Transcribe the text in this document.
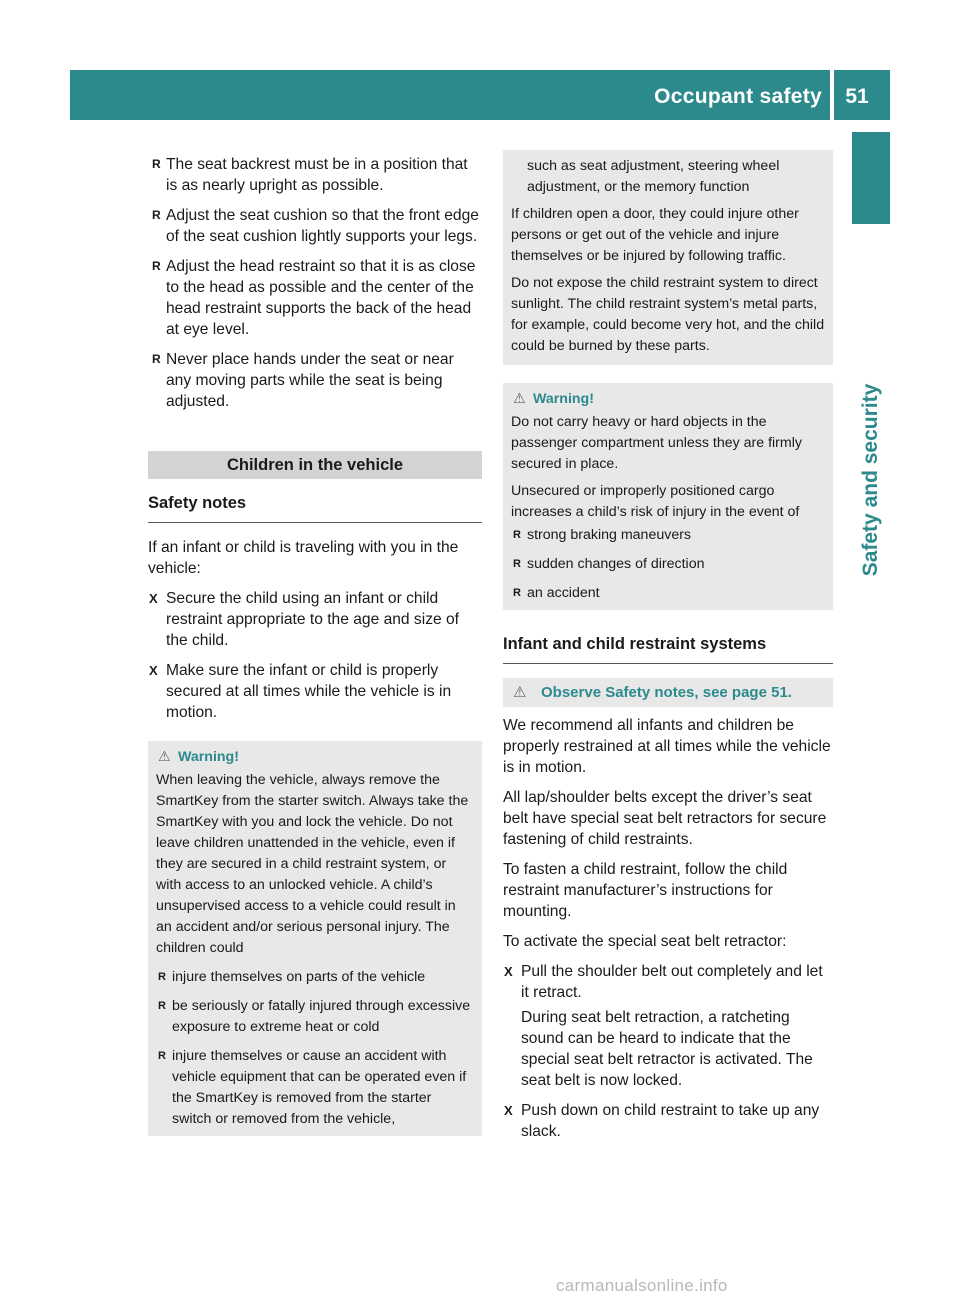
Occupant safety	51
Safety and security
R The seat backrest must be in a position that is as nearly upright as possible.
R Adjust the seat cushion so that the front edge of the seat cushion lightly supports your legs.
R Adjust the head restraint so that it is as close to the head as possible and the center of the head restraint supports the back of the head at eye level.
R Never place hands under the seat or near any moving parts while the seat is being adjusted.
Children in the vehicle
Safety notes
If an infant or child is traveling with you in the vehicle:
X Secure the child using an infant or child restraint appropriate to the age and size of the child.
X Make sure the infant or child is properly secured at all times while the vehicle is in motion.
⚠ Warning!
When leaving the vehicle, always remove the SmartKey from the starter switch. Always take the SmartKey with you and lock the vehicle. Do not leave children unattended in the vehicle, even if they are secured in a child restraint system, or with access to an unlocked vehicle. A child’s unsupervised access to a vehicle could result in an accident and/or serious personal injury. The children could
R injure themselves on parts of the vehicle
R be seriously or fatally injured through excessive exposure to extreme heat or cold
R injure themselves or cause an accident with vehicle equipment that can be operated even if the SmartKey is removed from the starter switch or removed from the vehicle,
such as seat adjustment, steering wheel adjustment, or the memory function
If children open a door, they could injure other persons or get out of the vehicle and injure themselves or be injured by following traffic.
Do not expose the child restraint system to direct sunlight. The child restraint system’s metal parts, for example, could become very hot, and the child could be burned by these parts.
⚠ Warning!
Do not carry heavy or hard objects in the passenger compartment unless they are firmly secured in place.
Unsecured or improperly positioned cargo increases a child’s risk of injury in the event of
R strong braking maneuvers
R sudden changes of direction
R an accident
Infant and child restraint systems
⚠ Observe Safety notes, see page 51.
We recommend all infants and children be properly restrained at all times while the vehicle is in motion.
All lap/shoulder belts except the driver’s seat belt have special seat belt retractors for secure fastening of child restraints.
To fasten a child restraint, follow the child restraint manufacturer’s instructions for mounting.
To activate the special seat belt retractor:
X Pull the shoulder belt out completely and let it retract.
During seat belt retraction, a ratcheting sound can be heard to indicate that the special seat belt retractor is activated. The seat belt is now locked.
X Push down on child restraint to take up any slack.
carmanualsonline.info
